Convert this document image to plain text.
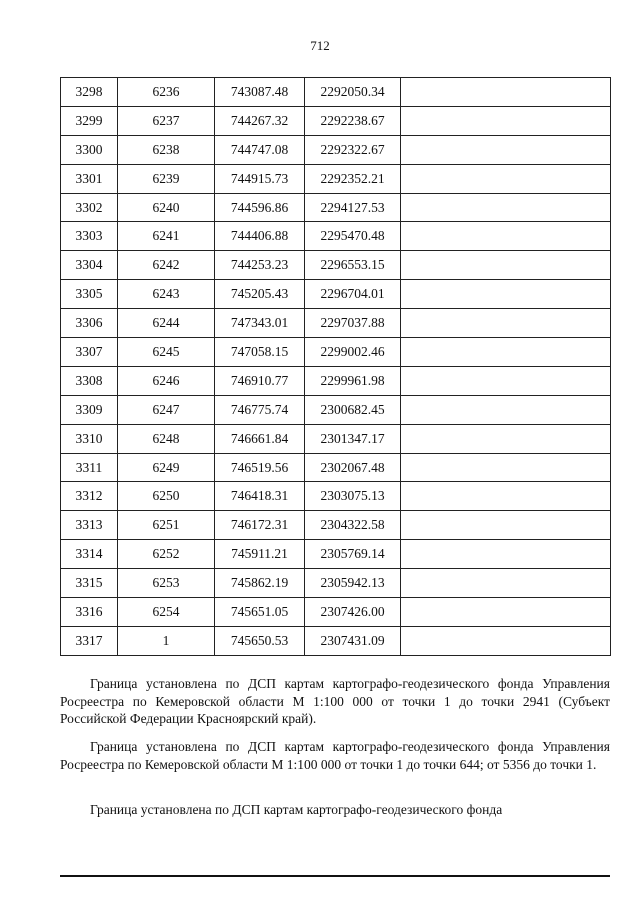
712
3298	6236	743087.48	2292050.34	
3299	6237	744267.32	2292238.67	
3300	6238	744747.08	2292322.67	
3301	6239	744915.73	2292352.21	
3302	6240	744596.86	2294127.53	
3303	6241	744406.88	2295470.48	
3304	6242	744253.23	2296553.15	
3305	6243	745205.43	2296704.01	
3306	6244	747343.01	2297037.88	
3307	6245	747058.15	2299002.46	
3308	6246	746910.77	2299961.98	
3309	6247	746775.74	2300682.45	
3310	6248	746661.84	2301347.17	
3311	6249	746519.56	2302067.48	
3312	6250	746418.31	2303075.13	
3313	6251	746172.31	2304322.58	
3314	6252	745911.21	2305769.14	
3315	6253	745862.19	2305942.13	
3316	6254	745651.05	2307426.00	
3317	1	745650.53	2307431.09	

Граница установлена по ДСП картам картографо-геодезического фонда Управления Росреестра по Кемеровской области М 1:100 000 от точки 1 до точки 2941 (Субъект Российской Федерации Красноярский край).

Граница установлена по ДСП картам картографо-геодезического фонда Управления Росреестра по Кемеровской области М 1:100 000 от точки 1 до точки 644; от 5356 до точки 1.

Граница установлена по ДСП картам картографо-геодезического фонда
